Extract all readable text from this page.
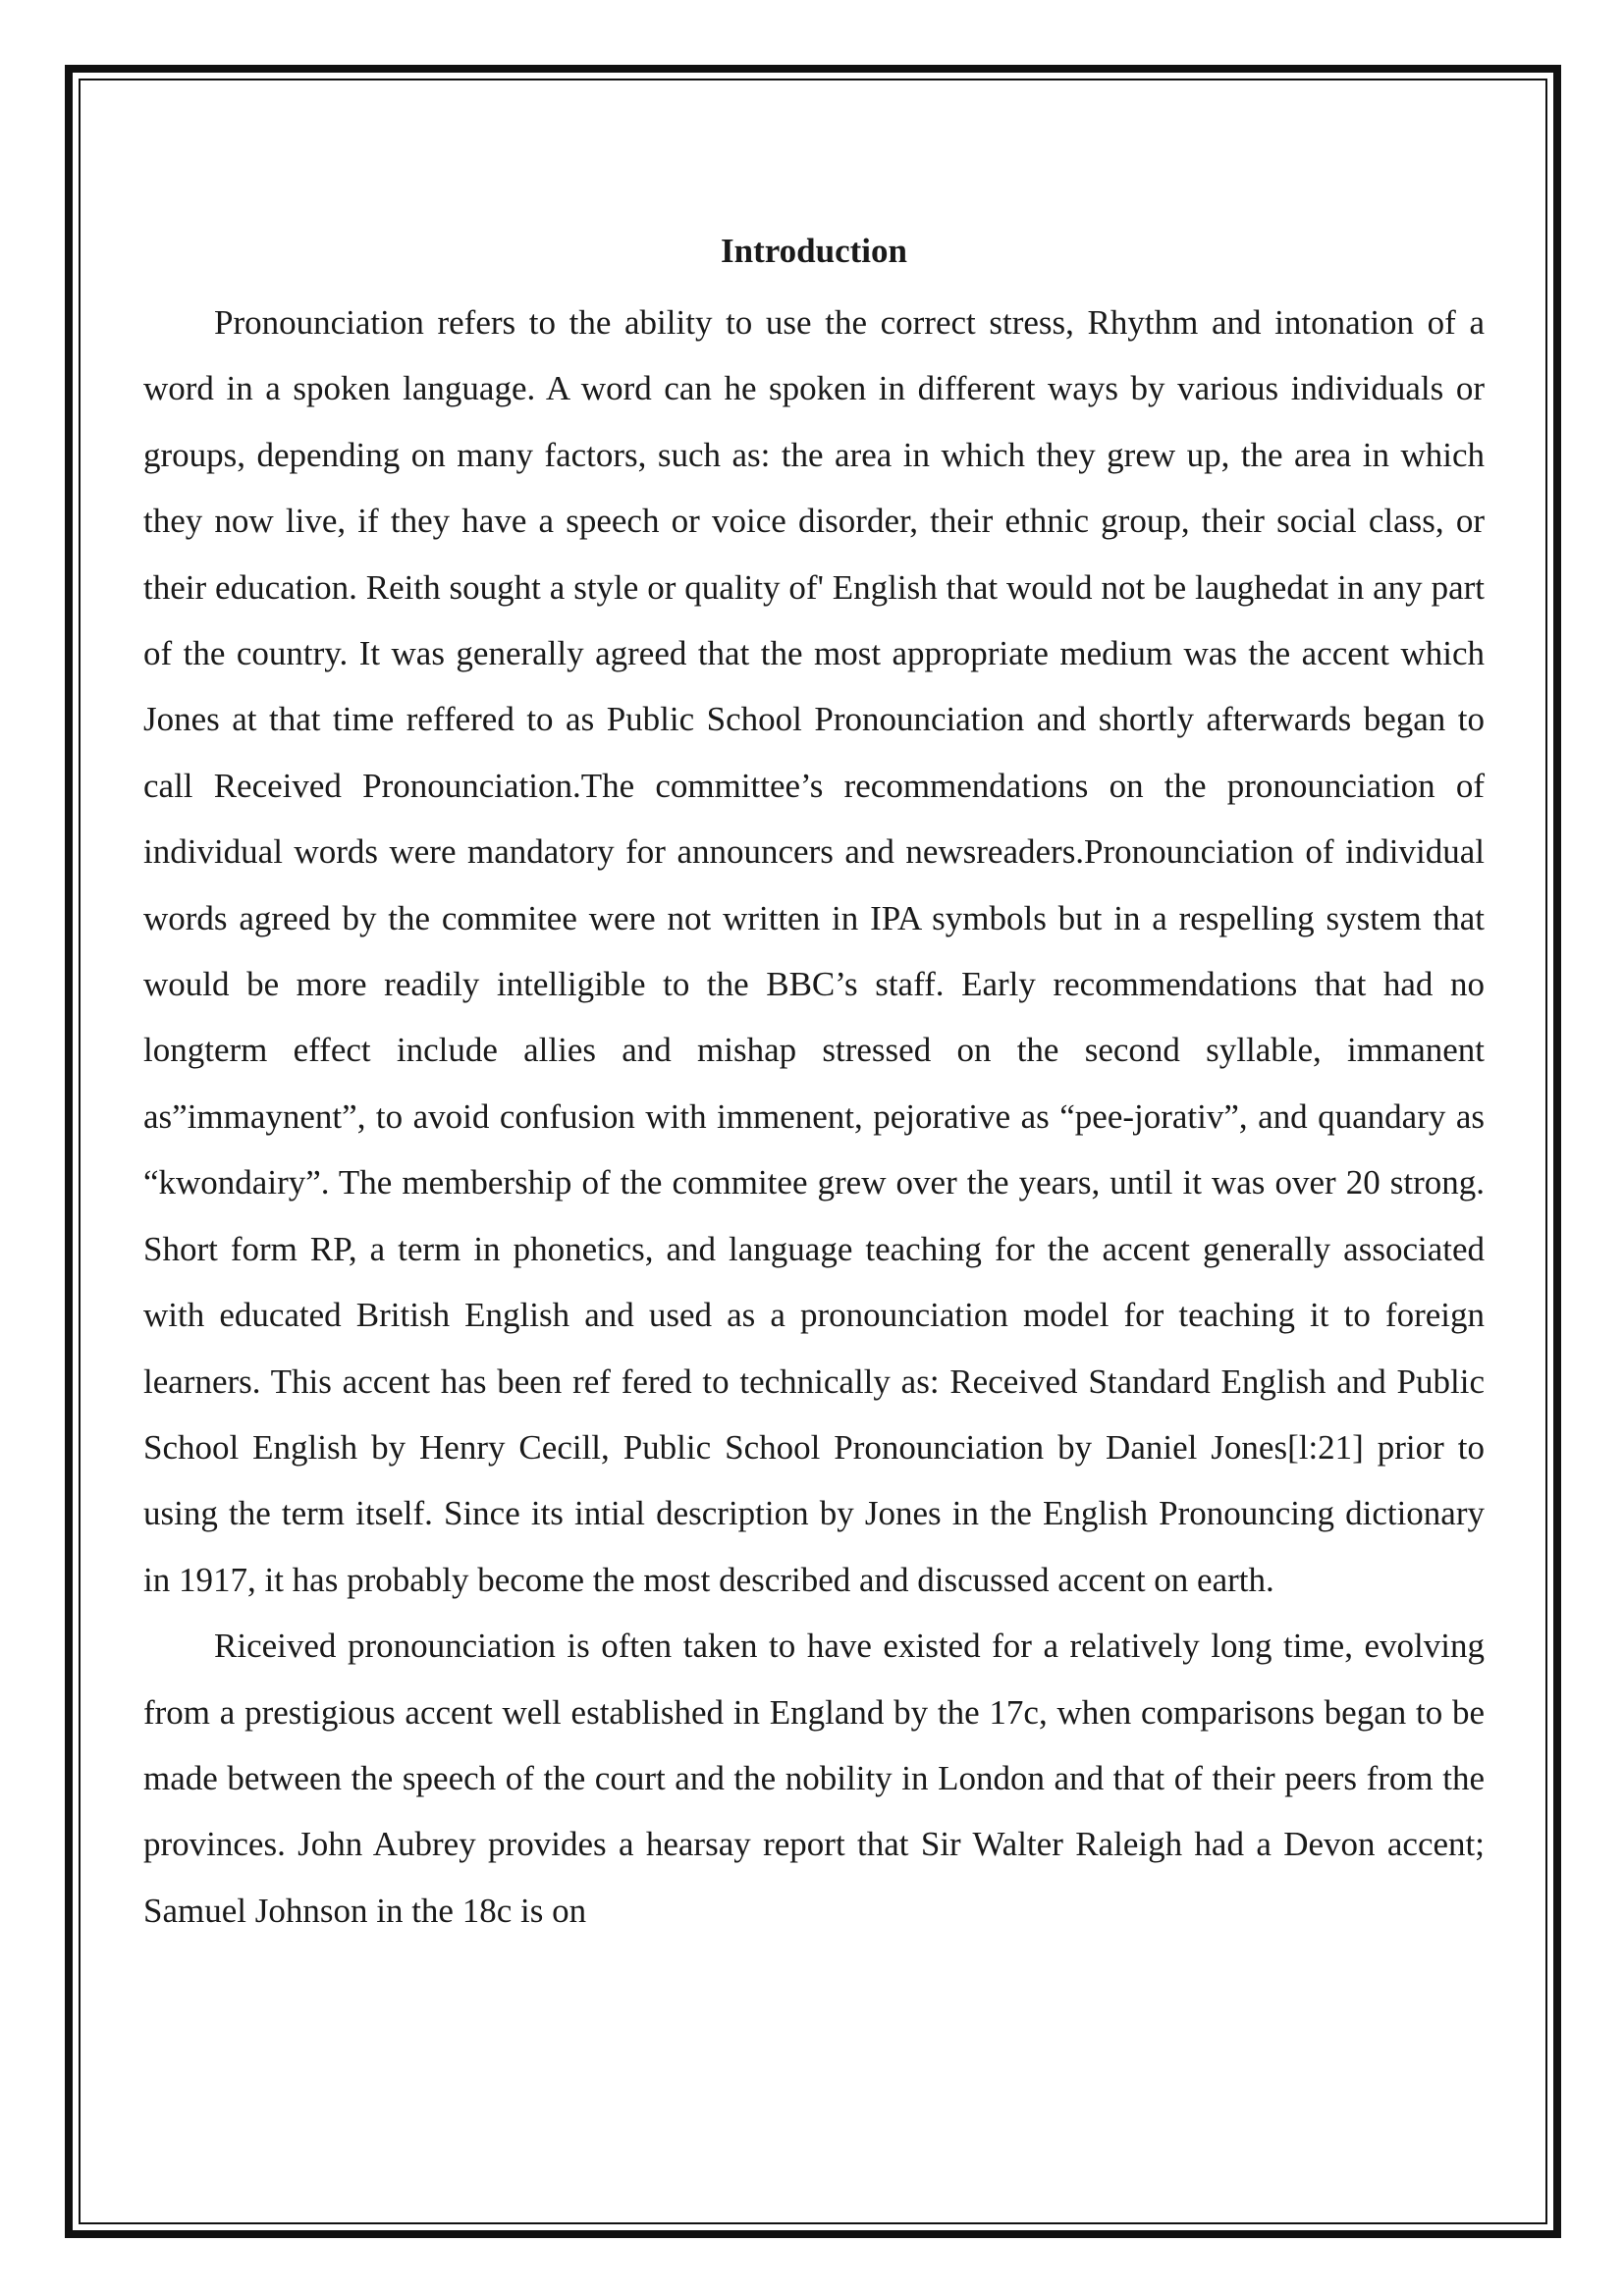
Introduction

Pronounciation refers to the ability to use the correct stress, Rhythm and intonation of a word in a spoken language. A word can he spoken in different ways by various individuals or groups, depending on many factors, such as: the area in which they grew up, the area in which they now live, if they have a speech or voice disorder, their ethnic group, their social class, or their education. Reith sought a style or quality of' English that would not be laughedat in any part of the country. It was generally agreed that the most appropriate medium was the accent which Jones at that time reffered to as Public School Pronounciation and shortly afterwards began to call Received Pronounciation.The committee’s recommendations on the pronounciation of individual words were mandatory for announcers and newsreaders.Pronounciation of individual words agreed by the commitee were not written in IPA symbols but in a respelling system that would be more readily intelligible to the BBC’s staff. Early recommendations that had no longterm effect include allies and mishap stressed on the second syllable, immanent as”immaynent”, to avoid confusion with immenent, pejorative as “pee-jorativ”, and quandary as “kwondairy”. The membership of the commitee grew over the years, until it was over 20 strong. Short form RP, a term in phonetics, and language teaching for the accent generally associated with educated British English and used as a pronounciation model for teaching it to foreign learners. This accent has been ref fered to technically as: Received Standard English and Public School English by Henry Cecill, Public School Pronounciation by Daniel Jones[l:21] prior to using the term itself. Since its intial description by Jones in the English Pronouncing dictionary in 1917, it has probably become the most described and discussed accent on earth.

Riceived pronounciation is often taken to have existed for a relatively long time, evolving from a prestigious accent well established in England by the 17c, when comparisons began to be made between the speech of the court and the nobility in London and that of their peers from the provinces. John Aubrey provides a hearsay report that Sir Walter Raleigh had a Devon accent; Samuel Johnson in the 18c is on
